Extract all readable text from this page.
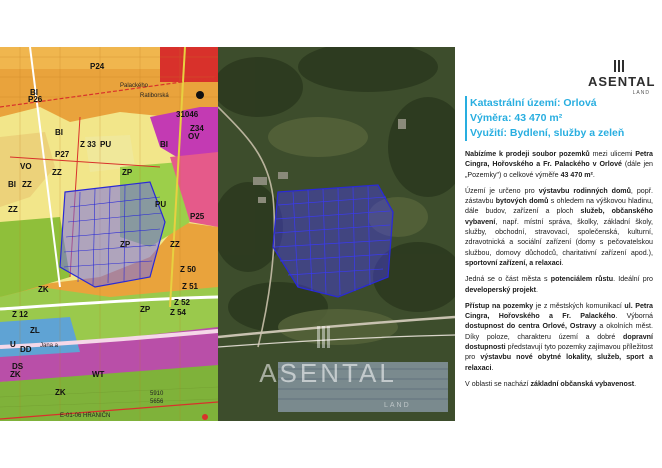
P24
P26
P27
BI
VO
BI
BI
ZZ
ZZ
ZZ
BI
PU
ZP
ZP
PU
Z 33
ZZ
ZK
Z 50
Z 51
Z 52
ZP
DD
ZK	WT
ZL
DS
ZK
U
Z 54
Z 12
OV
Z34
P25
Jana a
Palackého
Ratiborská
5910
5656
31046
E-01-06 HRANIČN
ASENTAL
LAND
ASENTAL
LAND
Katastrální území: Orlová
Výměra: 43 470 m²
Využití: Bydlení, služby a zeleň

Nabízíme k prodeji soubor pozemků mezi ulicemi Petra Cingra, Hořovského a Fr. Palackého v Orlové (dále jen „Pozemky") o celkové výměře 43 470 m².

Území je určeno pro výstavbu rodinných domů, popř. zástavbu bytových domů s ohledem na výškovou hladinu, dále budov, zařízení a ploch služeb, občanského vybavení, např. místní správa, školky, základní školy, služby, obchodní, stravovací, společenská, kulturní, zdravotnická a sociální zařízení (domy s pečovatelskou službou, domovy důchodců, charitativní zařízení apod.), sportovní zařízení, a relaxaci.

Jedná se o část města s potenciálem růstu. Ideální pro developerský projekt.

Přístup na pozemky je z městských komunikací ul. Petra Cingra, Hořovského a Fr. Palackého. Výborná dostupnost do centra Orlové, Ostravy a okolních měst. Díky poloze, charakteru území a dobré dopravní dostupnosti představují tyto pozemky zajímavou příležitost pro výstavbu nové obytné lokality, služeb, sport a relaxaci.

V oblasti se nachází základní občanská vybavenost.
